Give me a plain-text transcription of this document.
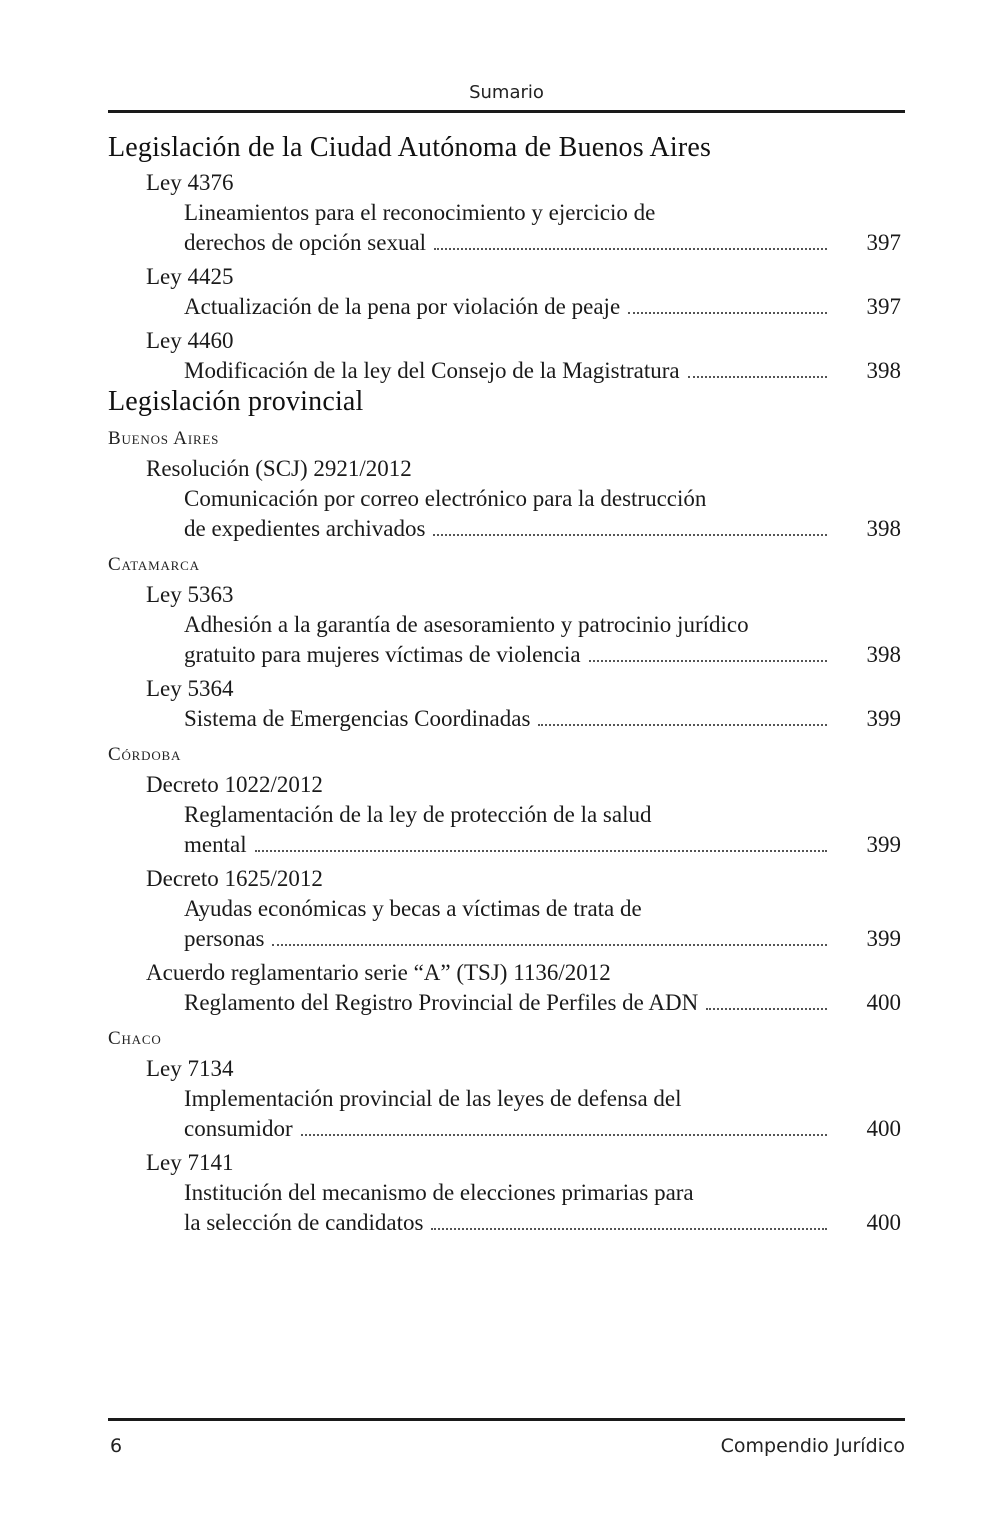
Sumario
Legislación de la Ciudad Autónoma de Buenos Aires
Ley 4376
Lineamientos para el reconocimiento y ejercicio de
derechos de opción sexual	397
Ley 4425
Actualización de la pena por violación de peaje	397
Ley 4460
Modificación de la ley del Consejo de la Magistratura	398
Legislación provincial
Buenos Aires
Resolución (SCJ) 2921/2012
Comunicación por correo electrónico para la destrucción
de expedientes archivados	398
Catamarca
Ley 5363
Adhesión a la garantía de asesoramiento y patrocinio jurídico
gratuito para mujeres víctimas de violencia	398
Ley 5364
Sistema de Emergencias Coordinadas	399
Córdoba
Decreto 1022/2012
Reglamentación de la ley de protección de la salud
mental	399
Decreto 1625/2012
Ayudas económicas y becas a víctimas de trata de
personas	399
Acuerdo reglamentario serie “A” (TSJ) 1136/2012
Reglamento del Registro Provincial de Perfiles de ADN	400
Chaco
Ley 7134
Implementación provincial de las leyes de defensa del
consumidor	400
Ley 7141
Institución del mecanismo de elecciones primarias para
la selección de candidatos	400
6	Compendio Jurídico
